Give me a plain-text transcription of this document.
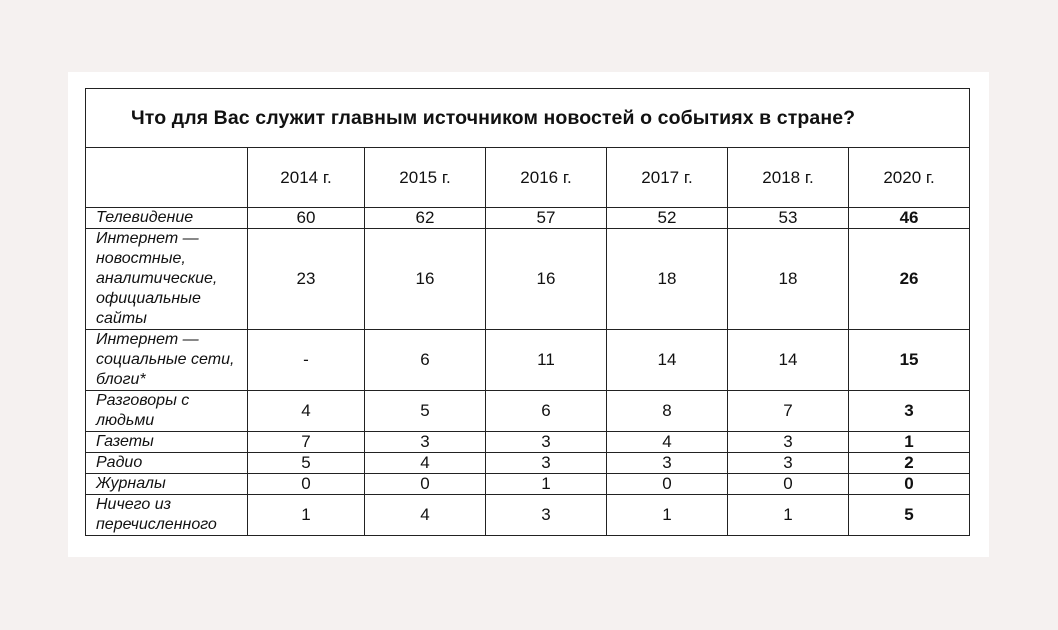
Что для Вас служит главным источником новостей о событиях в стране?						
	2014 г.	2015 г.	2016 г.	2017 г.	2018 г.	2020 г.
Телевидение	60	62	57	52	53	46
Интернет — новостные, аналитические, официальные сайты	23	16	16	18	18	26
Интернет — социальные сети, блоги*	-	6	11	14	14	15
Разговоры с людьми	4	5	6	8	7	3
Газеты	7	3	3	4	3	1
Радио	5	4	3	3	3	2
Журналы	0	0	1	0	0	0
Ничего из перечисленного	1	4	3	1	1	5
